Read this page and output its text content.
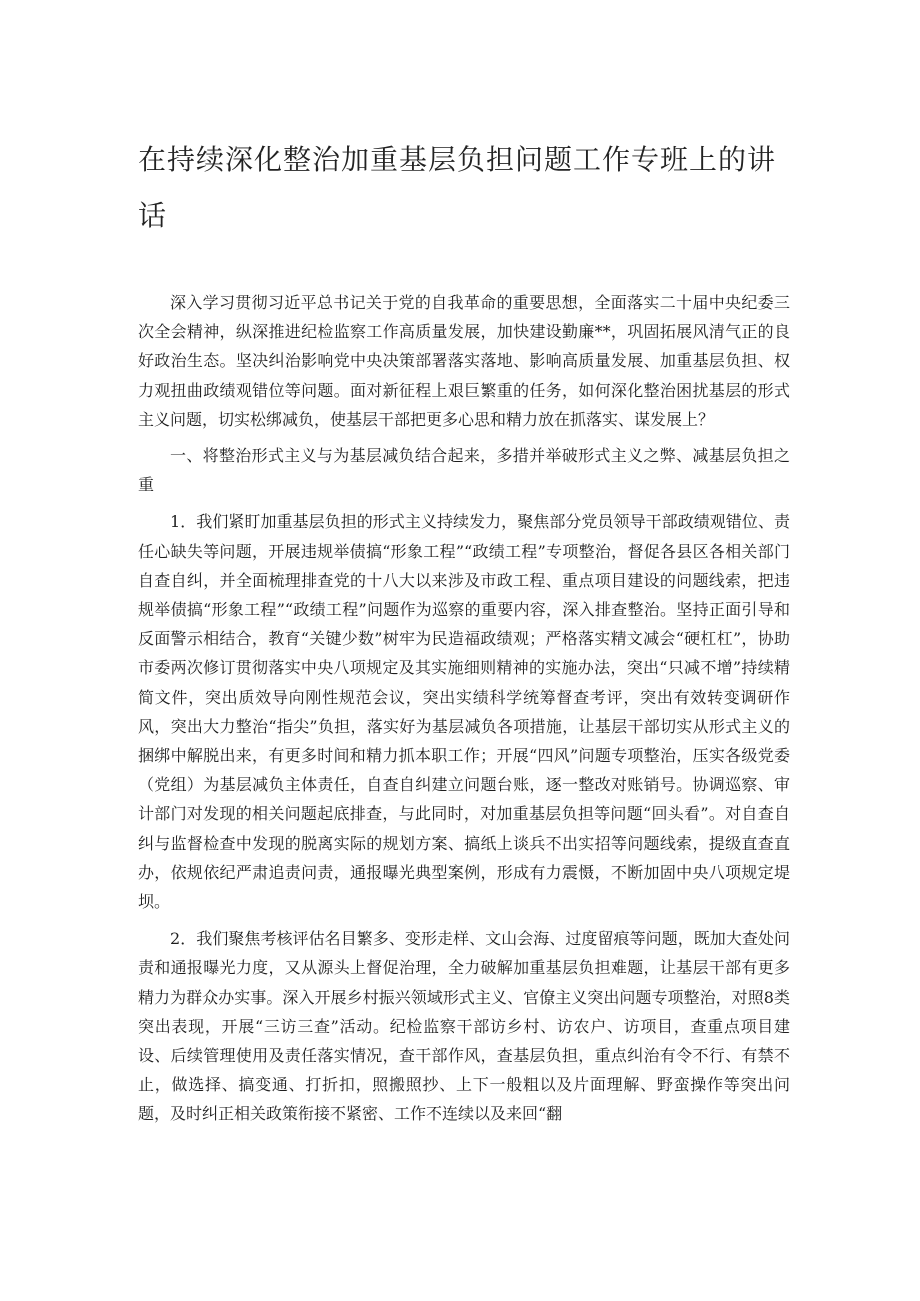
在持续深化整治加重基层负担问题工作专班上的讲话

深入学习贯彻习近平总书记关于党的自我革命的重要思想，全面落实二十届中央纪委三次全会精神，纵深推进纪检监察工作高质量发展，加快建设勤廉**，巩固拓展风清气正的良好政治生态。坚决纠治影响党中央决策部署落实落地、影响高质量发展、加重基层负担、权力观扭曲政绩观错位等问题。面对新征程上艰巨繁重的任务，如何深化整治困扰基层的形式主义问题，切实松绑减负，使基层干部把更多心思和精力放在抓落实、谋发展上？

一、将整治形式主义与为基层减负结合起来，多措并举破形式主义之弊、减基层负担之重

1．我们紧盯加重基层负担的形式主义持续发力，聚焦部分党员领导干部政绩观错位、责任心缺失等问题，开展违规举债搞“形象工程”“政绩工程”专项整治，督促各县区各相关部门自查自纠，并全面梳理排查党的十八大以来涉及市政工程、重点项目建设的问题线索，把违规举债搞“形象工程”“政绩工程”问题作为巡察的重要内容，深入排查整治。坚持正面引导和反面警示相结合，教育“关键少数”树牢为民造福政绩观；严格落实精文减会“硬杠杠”，协助市委两次修订贯彻落实中央八项规定及其实施细则精神的实施办法，突出“只减不增”持续精简文件，突出质效导向刚性规范会议，突出实绩科学统筹督查考评，突出有效转变调研作风，突出大力整治“指尖”负担，落实好为基层减负各项措施，让基层干部切实从形式主义的捆绑中解脱出来，有更多时间和精力抓本职工作；开展“四风”问题专项整治，压实各级党委（党组）为基层减负主体责任，自查自纠建立问题台账，逐一整改对账销号。协调巡察、审计部门对发现的相关问题起底排查，与此同时，对加重基层负担等问题“回头看”。对自查自纠与监督检查中发现的脱离实际的规划方案、搞纸上谈兵不出实招等问题线索，提级直查直办，依规依纪严肃追责问责，通报曝光典型案例，形成有力震慑，不断加固中央八项规定堤坝。

2．我们聚焦考核评估名目繁多、变形走样、文山会海、过度留痕等问题，既加大查处问责和通报曝光力度，又从源头上督促治理，全力破解加重基层负担难题，让基层干部有更多精力为群众办实事。深入开展乡村振兴领域形式主义、官僚主义突出问题专项整治，对照8类突出表现，开展“三访三查”活动。纪检监察干部访乡村、访农户、访项目，查重点项目建设、后续管理使用及责任落实情况，查干部作风，查基层负担，重点纠治有令不行、有禁不止，做选择、搞变通、打折扣，照搬照抄、上下一般粗以及片面理解、野蛮操作等突出问题，及时纠正相关政策衔接不紧密、工作不连续以及来回“翻
